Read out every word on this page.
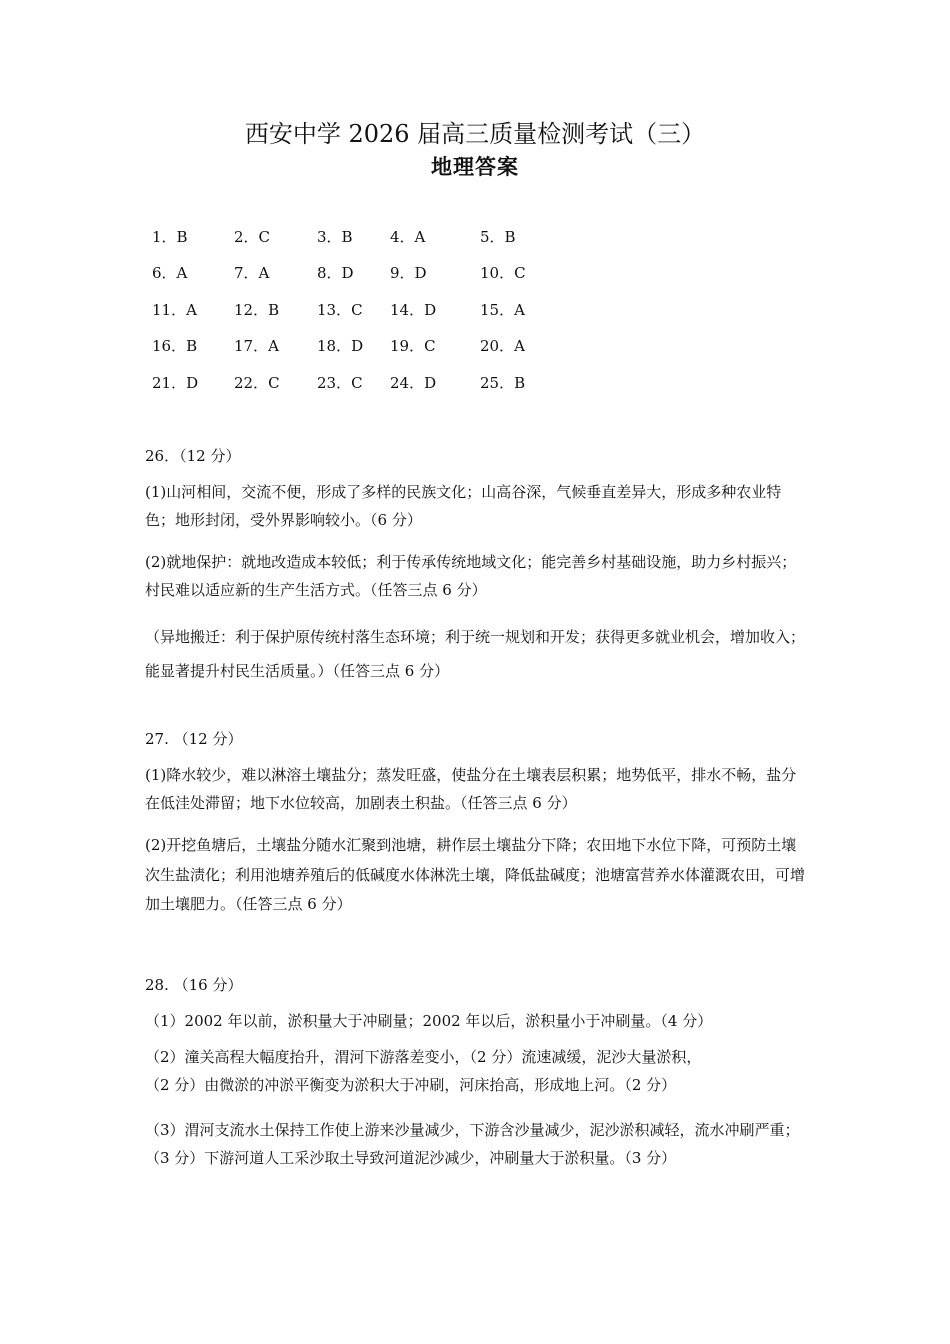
西安中学 2026 届高三质量检测考试（三）
地理答案
1．B	2．C	3．B 4．A	5．B
6．A	7．A	8．D 9．D	10．C
11．A 12．B	13．C 14．D	15．A
16．B 17．A	18．D 19．C	20．A
21．D 22．C 23．C 24．D	25．B
26．（12 分）

(1)山河相间，交流不便，形成了多样的民族文化；山高谷深，气候垂直差异大，形成多种农业特色；地形封闭，受外界影响较小。（6 分）

(2)就地保护：就地改造成本较低；利于传承传统地域文化；能完善乡村基础设施，助力乡村振兴；村民难以适应新的生产生活方式。（任答三点 6 分）

（异地搬迁：利于保护原传统村落生态环境；利于统一规划和开发；获得更多就业机会，增加收入；能显著提升村民生活质量。）（任答三点 6 分）

27. （12 分）

(1)降水较少，难以淋溶土壤盐分；蒸发旺盛，使盐分在土壤表层积累；地势低平，排水不畅，盐分在低洼处滞留；地下水位较高，加剧表土积盐。（任答三点 6 分）

(2)开挖鱼塘后，土壤盐分随水汇聚到池塘，耕作层土壤盐分下降；农田地下水位下降，可预防土壤次生盐渍化；利用池塘养殖后的低碱度水体淋洗土壤，降低盐碱度；池塘富营养水体灌溉农田，可增加土壤肥力。（任答三点 6 分）

28. （16 分）

（1）2002 年以前，淤积量大于冲刷量；2002 年以后，淤积量小于冲刷量。（4 分）

（2）潼关高程大幅度抬升，渭河下游落差变小，（2 分）流速减缓，泥沙大量淤积，

（2 分）由微淤的冲淤平衡变为淤积大于冲刷，河床抬高，形成地上河。（2 分）

（3）渭河支流水土保持工作使上游来沙量减少，下游含沙量减少，泥沙淤积减轻，流水冲刷严重；（3 分）下游河道人工采沙取土导致河道泥沙减少，冲刷量大于淤积量。（3 分）
